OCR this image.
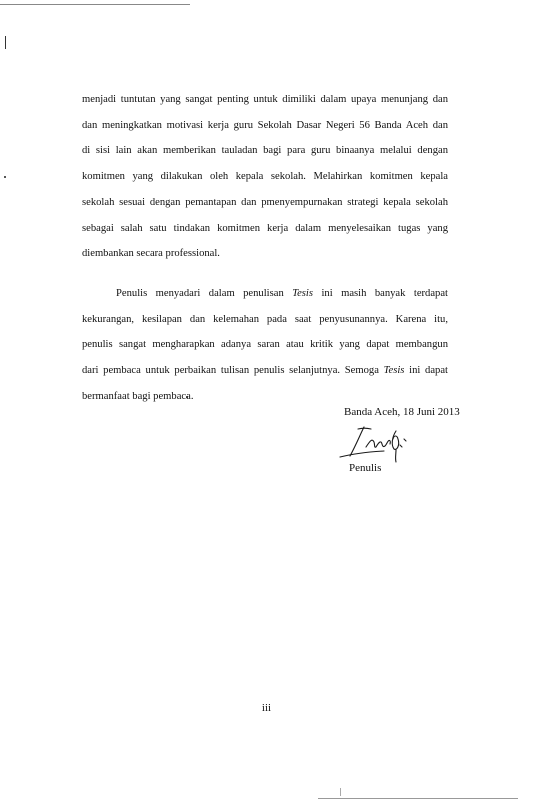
menjadi tuntutan yang sangat penting untuk dimiliki dalam upaya menunjang dan

dan meningkatkan motivasi kerja guru Sekolah Dasar Negeri 56 Banda Aceh dan

di sisi lain akan memberikan tauladan bagi para guru binaanya melalui dengan

komitmen yang dilakukan oleh kepala sekolah. Melahirkan komitmen kepala

sekolah sesuai dengan pemantapan dan pmenyempurnakan strategi kepala sekolah

sebagai salah satu tindakan komitmen kerja dalam menyelesaikan tugas yang

diembankan secara professional.

Penulis menyadari dalam penulisan Tesis ini masih banyak terdapat

kekurangan, kesilapan dan kelemahan pada saat penyusunannya. Karena itu,

penulis sangat mengharapkan adanya saran atau kritik yang dapat membangun

dari pembaca untuk perbaikan tulisan penulis selanjutnya. Semoga Tesis ini dapat

bermanfaat bagi pembaca.

Banda Aceh, 18 Juni 2013
Penulis
iii
